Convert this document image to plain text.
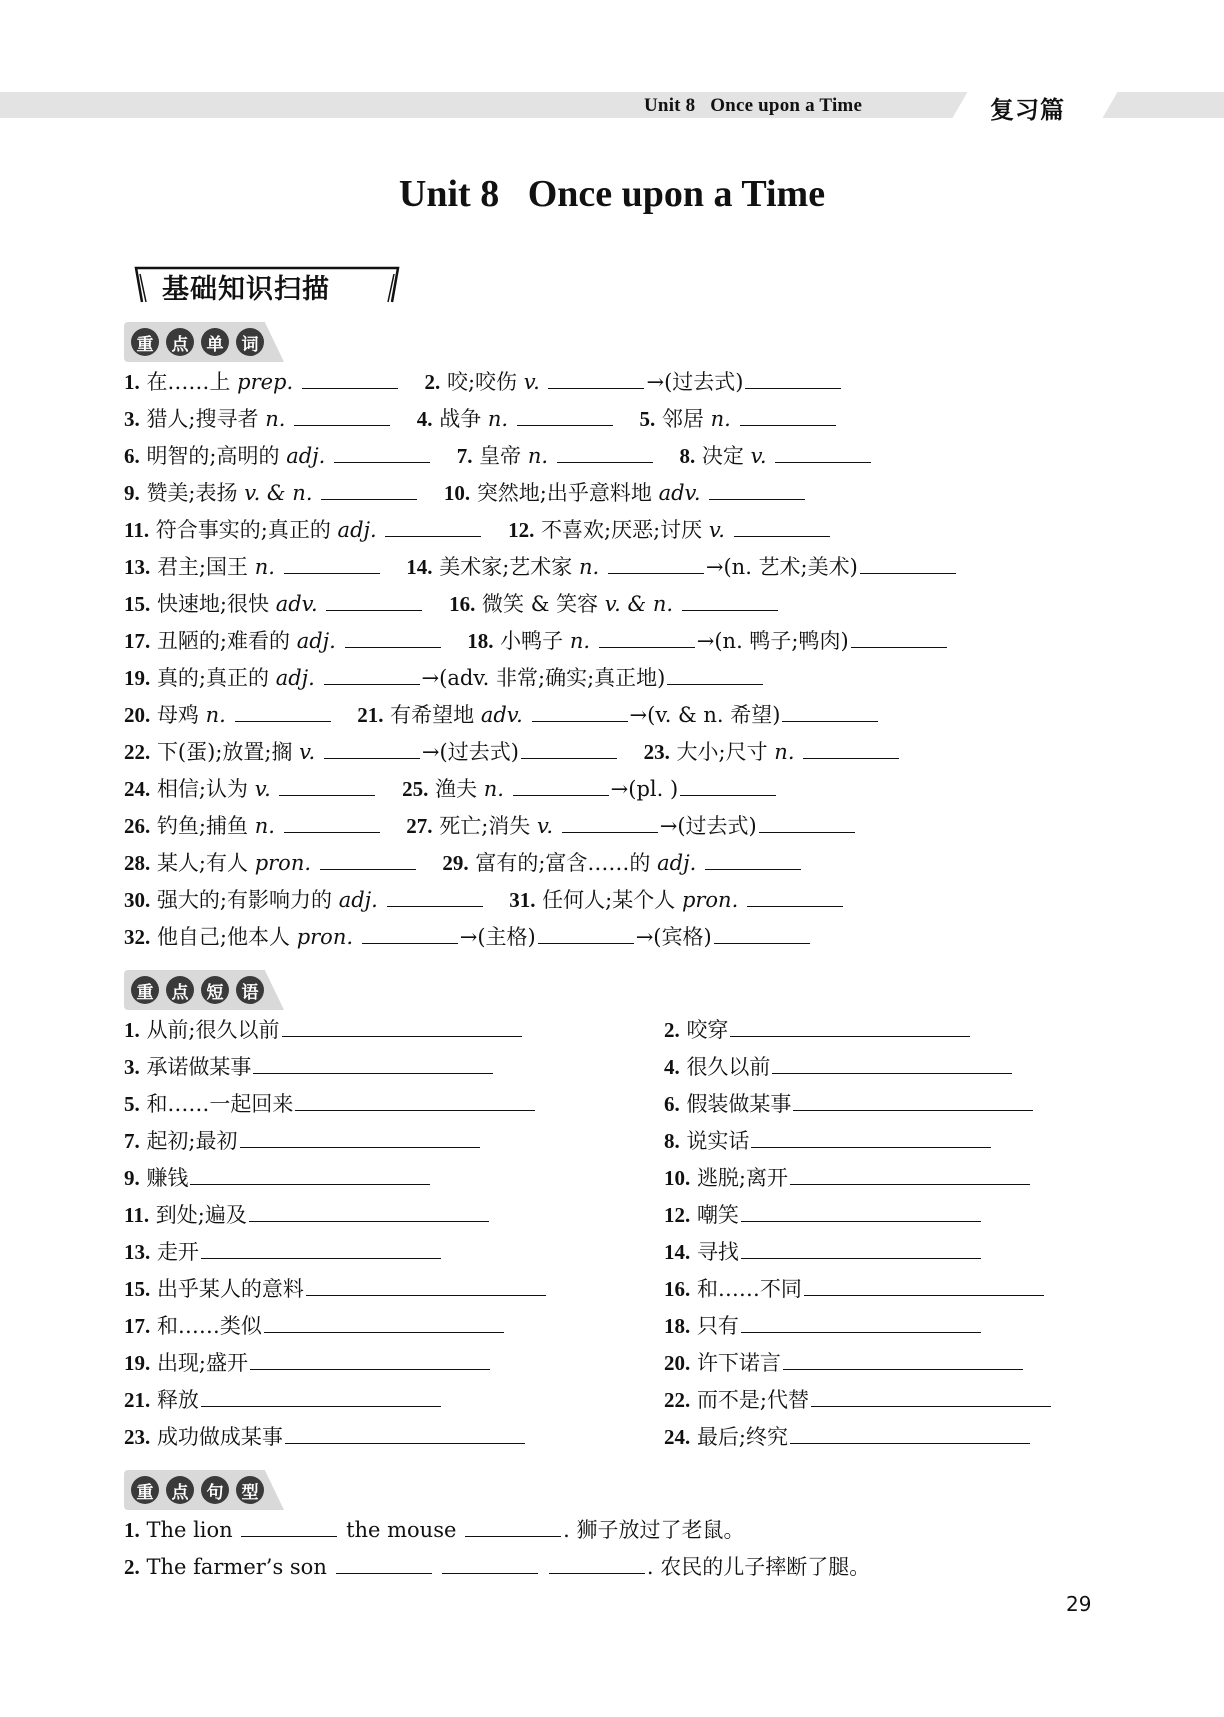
Unit 8   Once upon a Time	复习篇
Unit 8   Once upon a Time
基础知识扫描
重	点	单	词
1. 在……上 prep.	2. 咬;咬伤 v.	→(过去式)
3. 猎人;搜寻者 n.	4. 战争 n.	5. 邻居 n.
6. 明智的;高明的 adj.	7. 皇帝 n.	8. 决定 v.
9. 赞美;表扬 v. & n.	10. 突然地;出乎意料地 adv.
11. 符合事实的;真正的 adj.	12. 不喜欢;厌恶;讨厌 v.
13. 君主;国王 n.	14. 美术家;艺术家 n.	→(n. 艺术;美术)
15. 快速地;很快 adv.	16. 微笑 & 笑容 v. & n.
17. 丑陋的;难看的 adj.	18. 小鸭子 n.	→(n. 鸭子;鸭肉)
19. 真的;真正的 adj.	→(adv. 非常;确实;真正地)
20. 母鸡 n.	21. 有希望地 adv.	→(v. & n. 希望)
22. 下(蛋);放置;搁 v.	→(过去式)	23. 大小;尺寸 n.
24. 相信;认为 v.	25. 渔夫 n.	→(pl. )
26. 钓鱼;捕鱼 n.	27. 死亡;消失 v.	→(过去式)
28. 某人;有人 pron.	29. 富有的;富含……的 adj.
30. 强大的;有影响力的 adj.	31. 任何人;某个人 pron.
32. 他自己;他本人 pron.	→(主格)	→(宾格)
重	点	短	语
1. 从前;很久以前	2. 咬穿
3. 承诺做某事	4. 很久以前
5. 和……一起回来	6. 假装做某事
7. 起初;最初	8. 说实话
9. 赚钱	10. 逃脱;离开
11. 到处;遍及	12. 嘲笑
13. 走开	14. 寻找
15. 出乎某人的意料	16. 和……不同
17. 和……类似	18. 只有
19. 出现;盛开	20. 许下诺言
21. 释放	22. 而不是;代替
23. 成功做成某事	24. 最后;终究
重	点	句	型
1. The lion	the mouse	. 狮子放过了老鼠。
2. The farmer’s son	. 农民的儿子摔断了腿。
29
